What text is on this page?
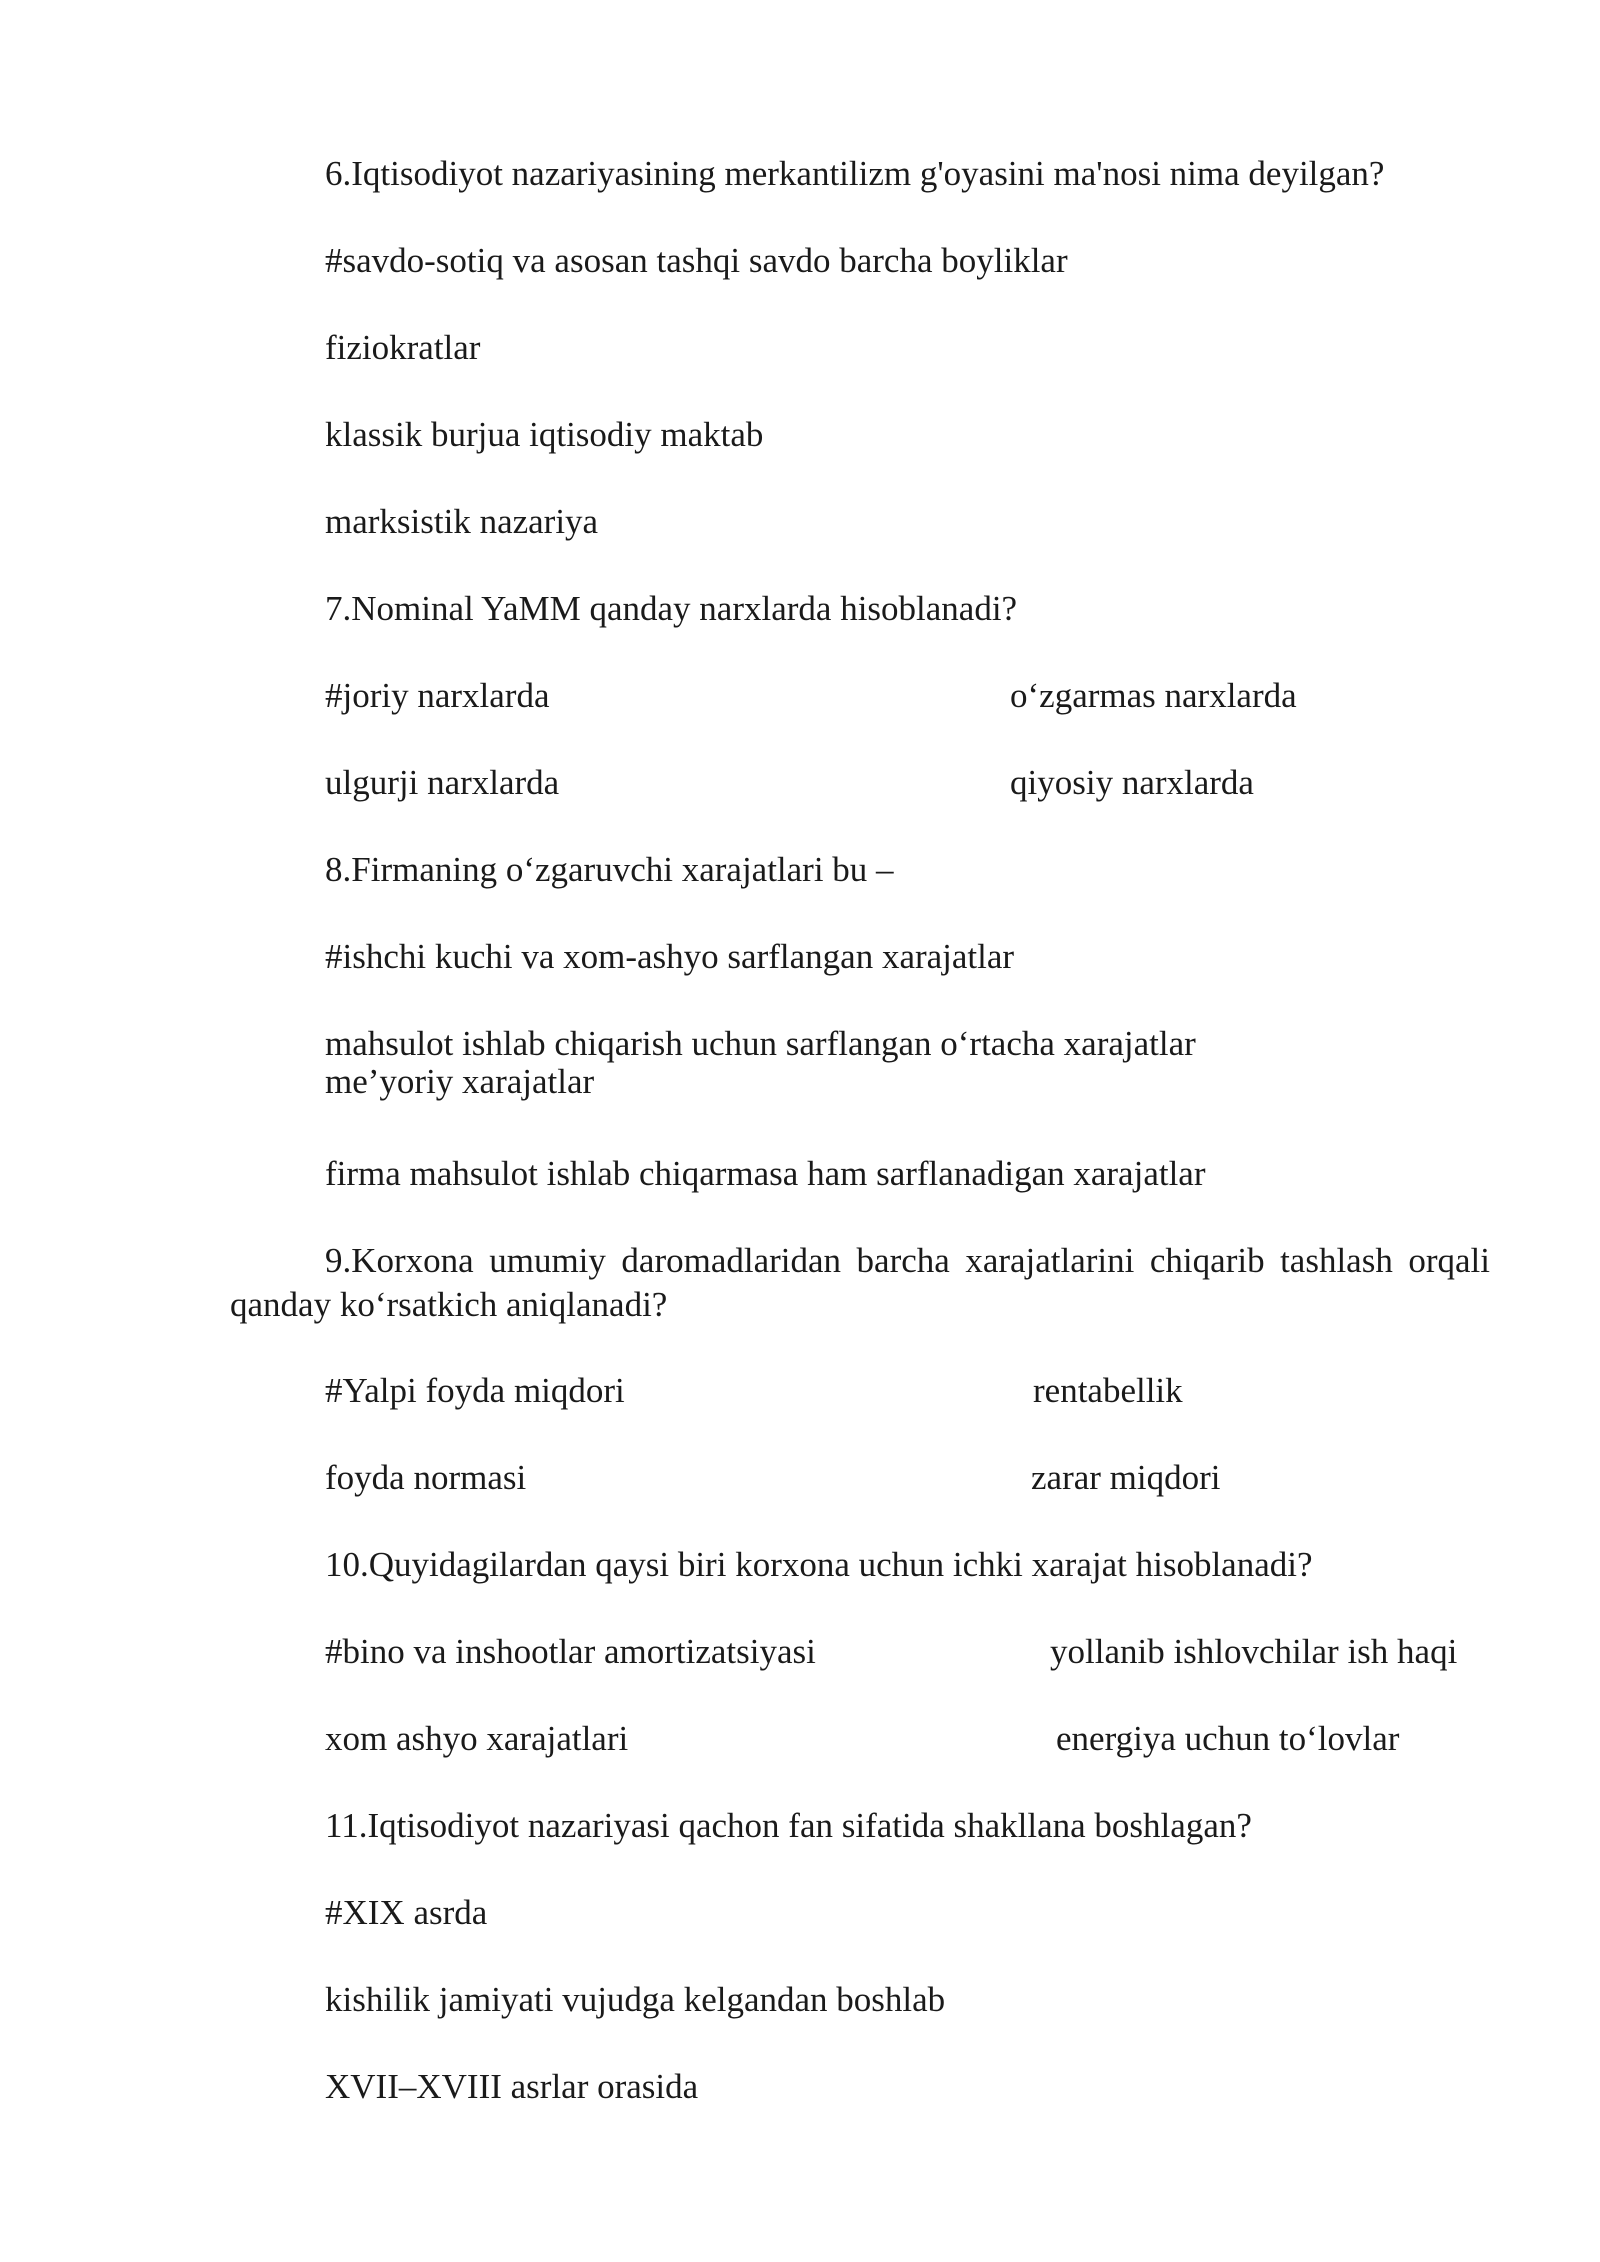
6.Iqtisodiyot nazariyasining merkantilizm g'oyasini ma'nosi nima deyilgan?
#savdo-sotiq va asosan tashqi savdo barcha boyliklar
fiziokratlar
klassik burjua iqtisodiy maktab
marksistik nazariya
7.Nominal YaMM qanday narxlarda hisoblanadi?
#joriy narxlarda	o‘zgarmas narxlarda
ulgurji narxlarda	qiyosiy narxlarda
8.Firmaning o‘zgaruvchi xarajatlari bu –
#ishchi kuchi va xom-ashyo sarflangan xarajatlar
mahsulot ishlab chiqarish uchun sarflangan o‘rtacha xarajatlar
me’yoriy xarajatlar
firma mahsulot ishlab chiqarmasa ham sarflanadigan xarajatlar
9.Korxona umumiy daromadlaridan barcha xarajatlarini chiqarib tashlash orqali qanday ko‘rsatkich aniqlanadi?
#Yalpi foyda miqdori	rentabellik
foyda normasi	zarar miqdori
10.Quyidagilardan qaysi biri korxona uchun ichki xarajat hisoblanadi?
#bino va inshootlar amortizatsiyasi	yollanib ishlovchilar ish haqi
xom ashyo xarajatlari	energiya uchun to‘lovlar
11.Iqtisodiyot nazariyasi qachon fan sifatida shakllana boshlagan?
#XIX asrda
kishilik jamiyati vujudga kelgandan boshlab
XVII–XVIII asrlar orasida
